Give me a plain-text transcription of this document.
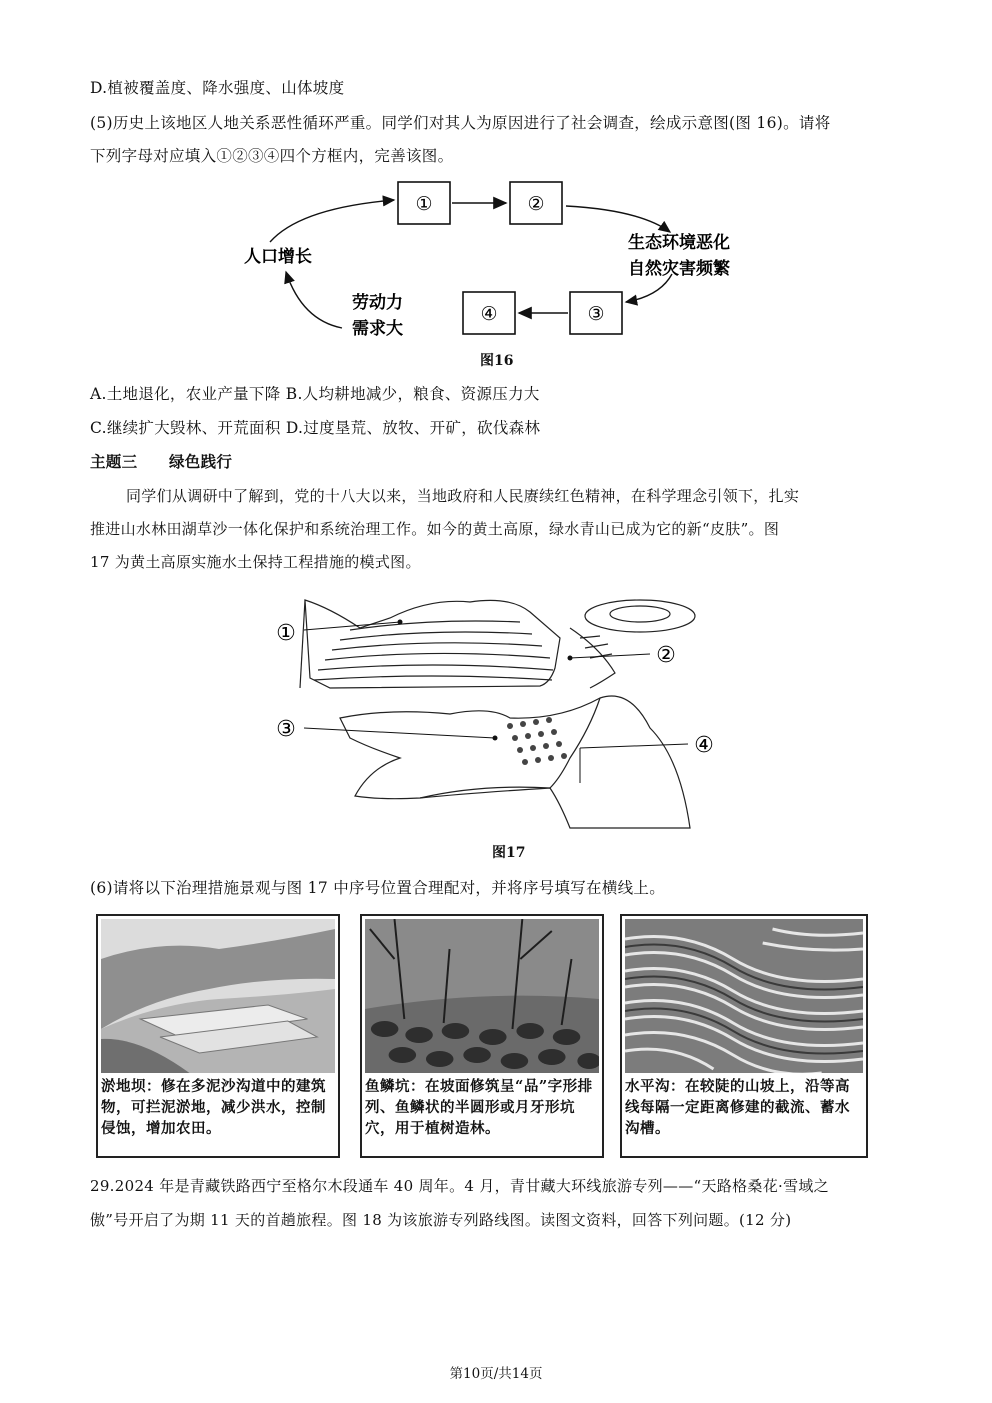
D.植被覆盖度、降水强度、山体坡度
(5)历史上该地区人地关系恶性循环严重。同学们对其人为原因进行了社会调查，绘成示意图(图 16)。请将
下列字母对应填入①②③④四个方框内，完善该图。
①	②
③
④
人口增长
生态环境恶化
自然灾害频繁
劳动力
需求大
图16
A.土地退化，农业产量下降 B.人均耕地减少，粮食、资源压力大
C.继续扩大毁林、开荒面积 D.过度垦荒、放牧、开矿，砍伐森林
主题三　　绿色践行
同学们从调研中了解到，党的十八大以来，当地政府和人民赓续红色精神，在科学理念引领下，扎实
推进山水林田湖草沙一体化保护和系统治理工作。如今的黄土高原，绿水青山已成为它的新“皮肤”。图
17 为黄土高原实施水土保持工程措施的模式图。
①
②
③
④
图17
(6)请将以下治理措施景观与图 17 中序号位置合理配对，并将序号填写在横线上。
淤地坝：修在多泥沙沟道中的建筑物，可拦泥淤地，减少洪水，控制侵蚀，增加农田。
鱼鳞坑：在坡面修筑呈“品”字形排列、鱼鳞状的半圆形或月牙形坑穴，用于植树造林。
水平沟：在较陡的山坡上，沿等高线每隔一定距离修建的截流、蓄水沟槽。
29.2024 年是青藏铁路西宁至格尔木段通车 40 周年。4 月，青甘藏大环线旅游专列——“天路格桑花·雪域之
傲”号开启了为期 11 天的首趟旅程。图 18 为该旅游专列路线图。读图文资料，回答下列问题。(12 分)
第10页/共14页
